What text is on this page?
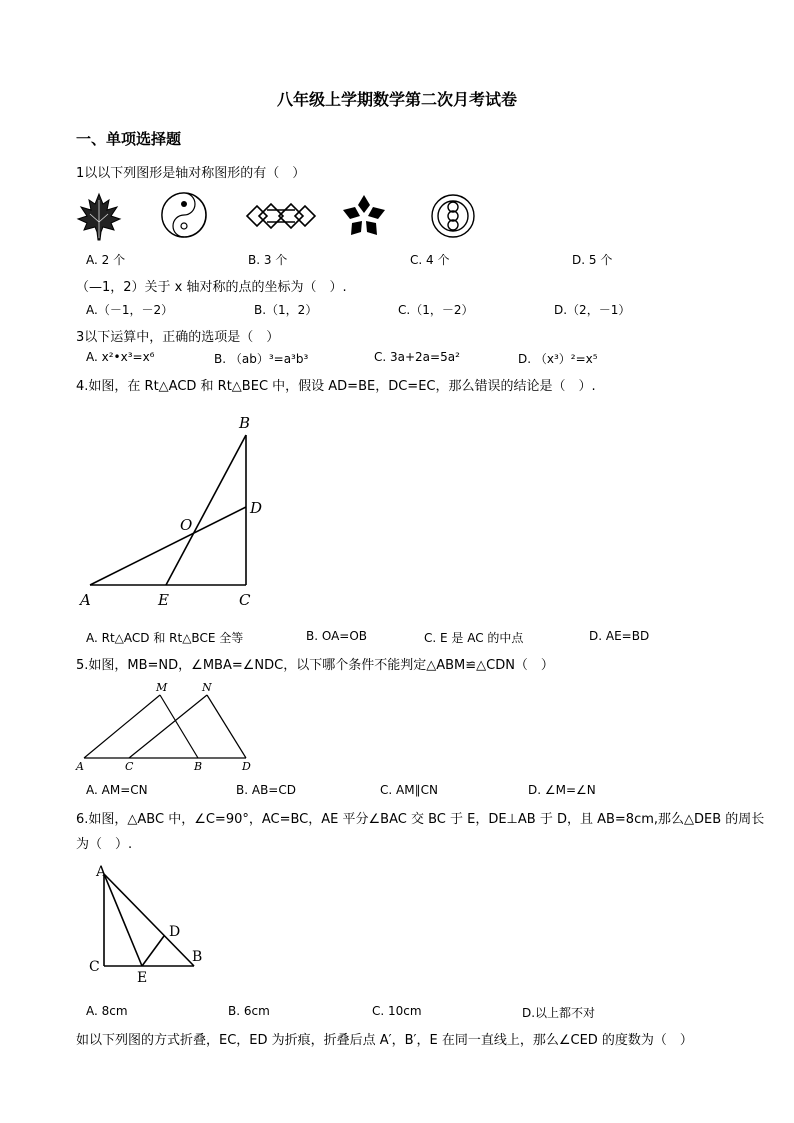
八年级上学期数学第二次月考试卷
一、单项选择题
1以以下列图形是轴对称图形的有（　）
A. 2 个	B. 3 个	C. 4 个	D. 5 个
（—1，2）关于 x 轴对称的点的坐标为（　）.
A.（－1，－2）	B.（1，2）	C.（1，－2）	D.（2，－1）
3以下运算中，正确的选项是（　）
A. x²•x³=x⁶	B. （ab）³=a³b³	C. 3a+2a=5a²	D. （x³）²=x⁵
4.如图，在 Rt△ACD 和 Rt△BEC 中，假设 AD=BE，DC=EC，那么错误的结论是（　）.
B
D
O
A	E	C
A. Rt△ACD 和 Rt△BCE 全等	B. OA=OB	C. E 是 AC 的中点	D. AE=BD
5.如图，MB=ND，∠MBA=∠NDC，以下哪个条件不能判定△ABM≌△CDN（　）
M	N
A	C	B	D
A. AM=CN	B. AB=CD	C. AM∥CN	D. ∠M=∠N
6.如图，△ABC 中，∠C=90°，AC=BC，AE 平分∠BAC 交 BC 于 E，DE⊥AB 于 D，且 AB=8cm,那么△DEB 的周长
为（　）.
A
D
B
C
E
A. 8cm	B. 6cm	C. 10cm	D.以上都不对
如以下列图的方式折叠，EC，ED 为折痕，折叠后点 A′，B′，E 在同一直线上，那么∠CED 的度数为（　）
